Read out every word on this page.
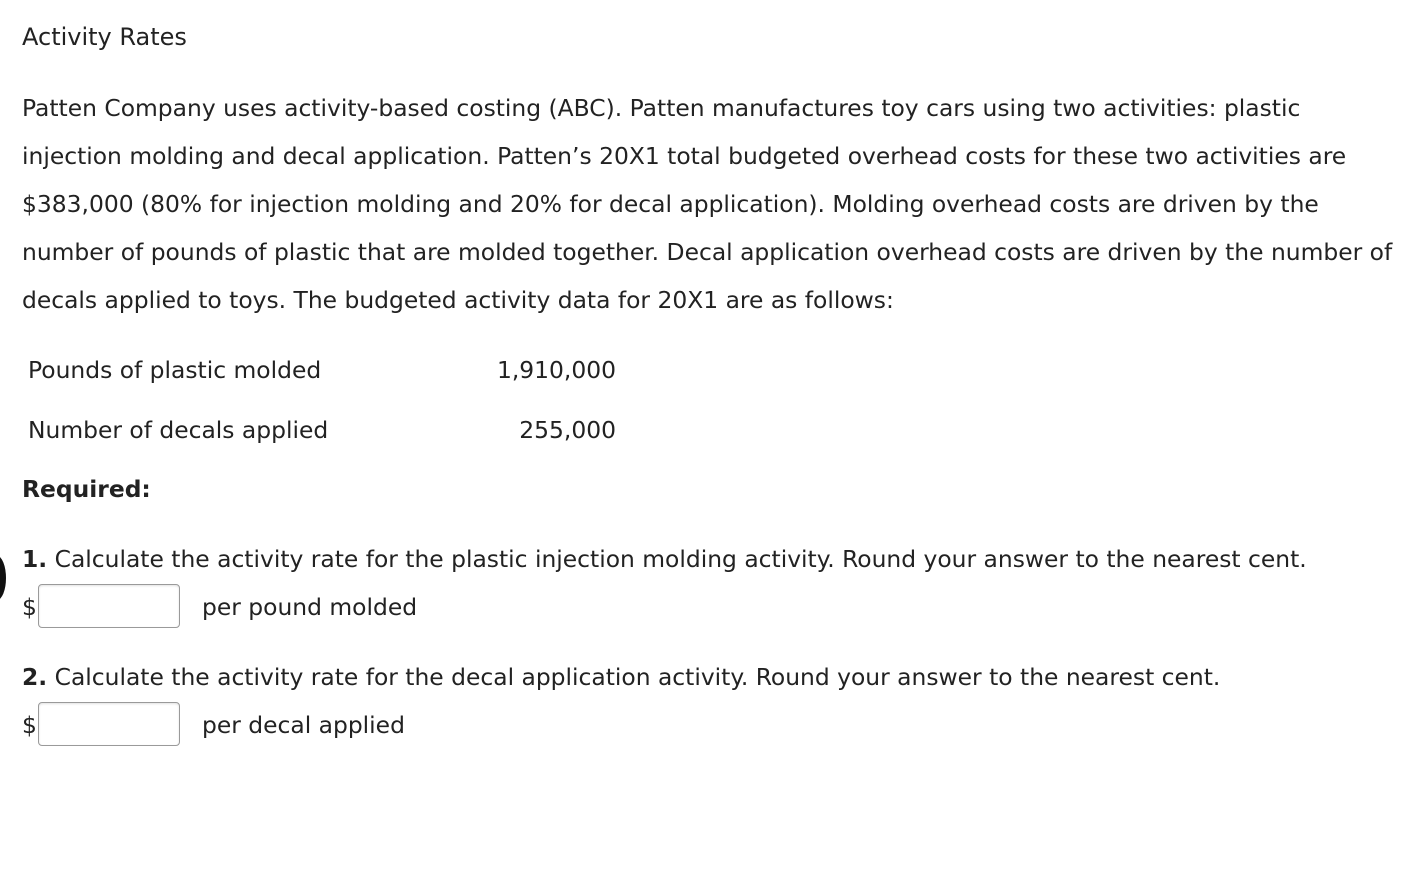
Activity Rates

Patten Company uses activity-based costing (ABC). Patten manufactures toy cars using two activities: plastic injection molding and decal application. Patten’s 20X1 total budgeted overhead costs for these two activities are $383,000 (80% for injection molding and 20% for decal application). Molding overhead costs are driven by the number of pounds of plastic that are molded together. Decal application overhead costs are driven by the number of decals applied to toys. The budgeted activity data for 20X1 are as follows:

Pounds of plastic molded	1,910,000
Number of decals applied	255,000
Required:
1. Calculate the activity rate for the plastic injection molding activity. Round your answer to the nearest cent.
$	per pound molded
2. Calculate the activity rate for the decal application activity. Round your answer to the nearest cent.
$	per decal applied
